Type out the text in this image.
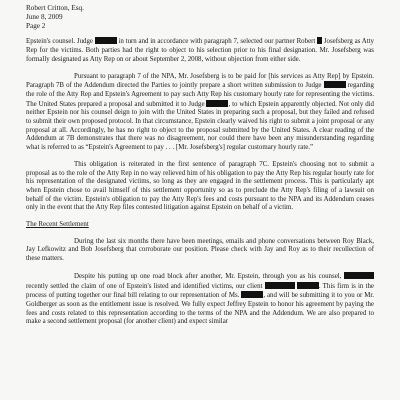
Robert Critton, Esq.
June 8, 2009
Page 2

Epstein's counsel. Judge	in turn and in accordance with paragraph 7, selected our partner Robert  Josefsberg as Atty Rep for the victims. Both parties had the right to object to his selection prior to his final designation. Mr. Josefsberg was formally designated as Atty Rep on or about September 2, 2008, without objection from either side.

Pursuant to paragraph 7 of the NPA, Mr. Josefsberg is to be paid for [his services as Atty Rep] by Epstein. Paragraph 7B of the Addendum directed the Parties to jointly prepare a short written submission to Judge	regarding the role of the Atty Rep and Epstein's Agreement to pay such Atty Rep his customary hourly rate for representing the victims. The United States prepared a proposal and submitted it to Judge	, to which Epstein apparently objected. Not only did neither Epstein nor his counsel deign to join with the United States in preparing such a proposal, but they failed and refused to submit their own proposed protocol. In that circumstance, Epstein clearly waived his right to submit a joint proposal or any proposal at all. Accordingly, he has no right to object to the proposal submitted by the United States. A clear reading of the Addendum at 7B demonstrates that there was no disagreement, nor could there have been any misunderstanding regarding what is referred to as “Epstein's Agreement to pay . . . [Mr. Josefsberg's] regular customary hourly rate.”

This obligation is reiterated in the first sentence of paragraph 7C. Epstein's choosing not to submit a proposal as to the role of the Atty Rep in no way relieved him of his obligation to pay the Atty Rep his regular hourly rate for his representation of the designated victims, so long as they are engaged in the settlement process. This is particularly apt when Epstein chose to avail himself of this settlement opportunity so as to preclude the Atty Rep's filing of a lawsuit on behalf of the victim. Epstein's obligation to pay the Atty Rep's fees and costs pursuant to the NPA and its Addendum ceases only in the event that the Atty Rep files contested litigation against Epstein on behalf of a victim.

The Recent Settlement

During the last six months there have been meetings, emails and phone conversations between Roy Black, Jay Lefkowitz and Bob Josefsberg that corroborate our position. Please check with Jay and Roy as to their recollection of these matters.

Despite his putting up one road block after another, Mr. Epstein, through you as his counsel,  recently settled the claim of one of Epstein's listed and identified victims, our client	. This firm is in the process of putting together our final bill relating to our representation of Ms.	, and will be submitting it to you or Mr. Goldberger as soon as the entitlement issue is resolved. We fully expect Jeffrey Epstein to honor his agreement by paying the fees and costs related to this representation according to the terms of the NPA and the Addendum. We are also prepared to make a second settlement proposal (for another client) and expect similar
